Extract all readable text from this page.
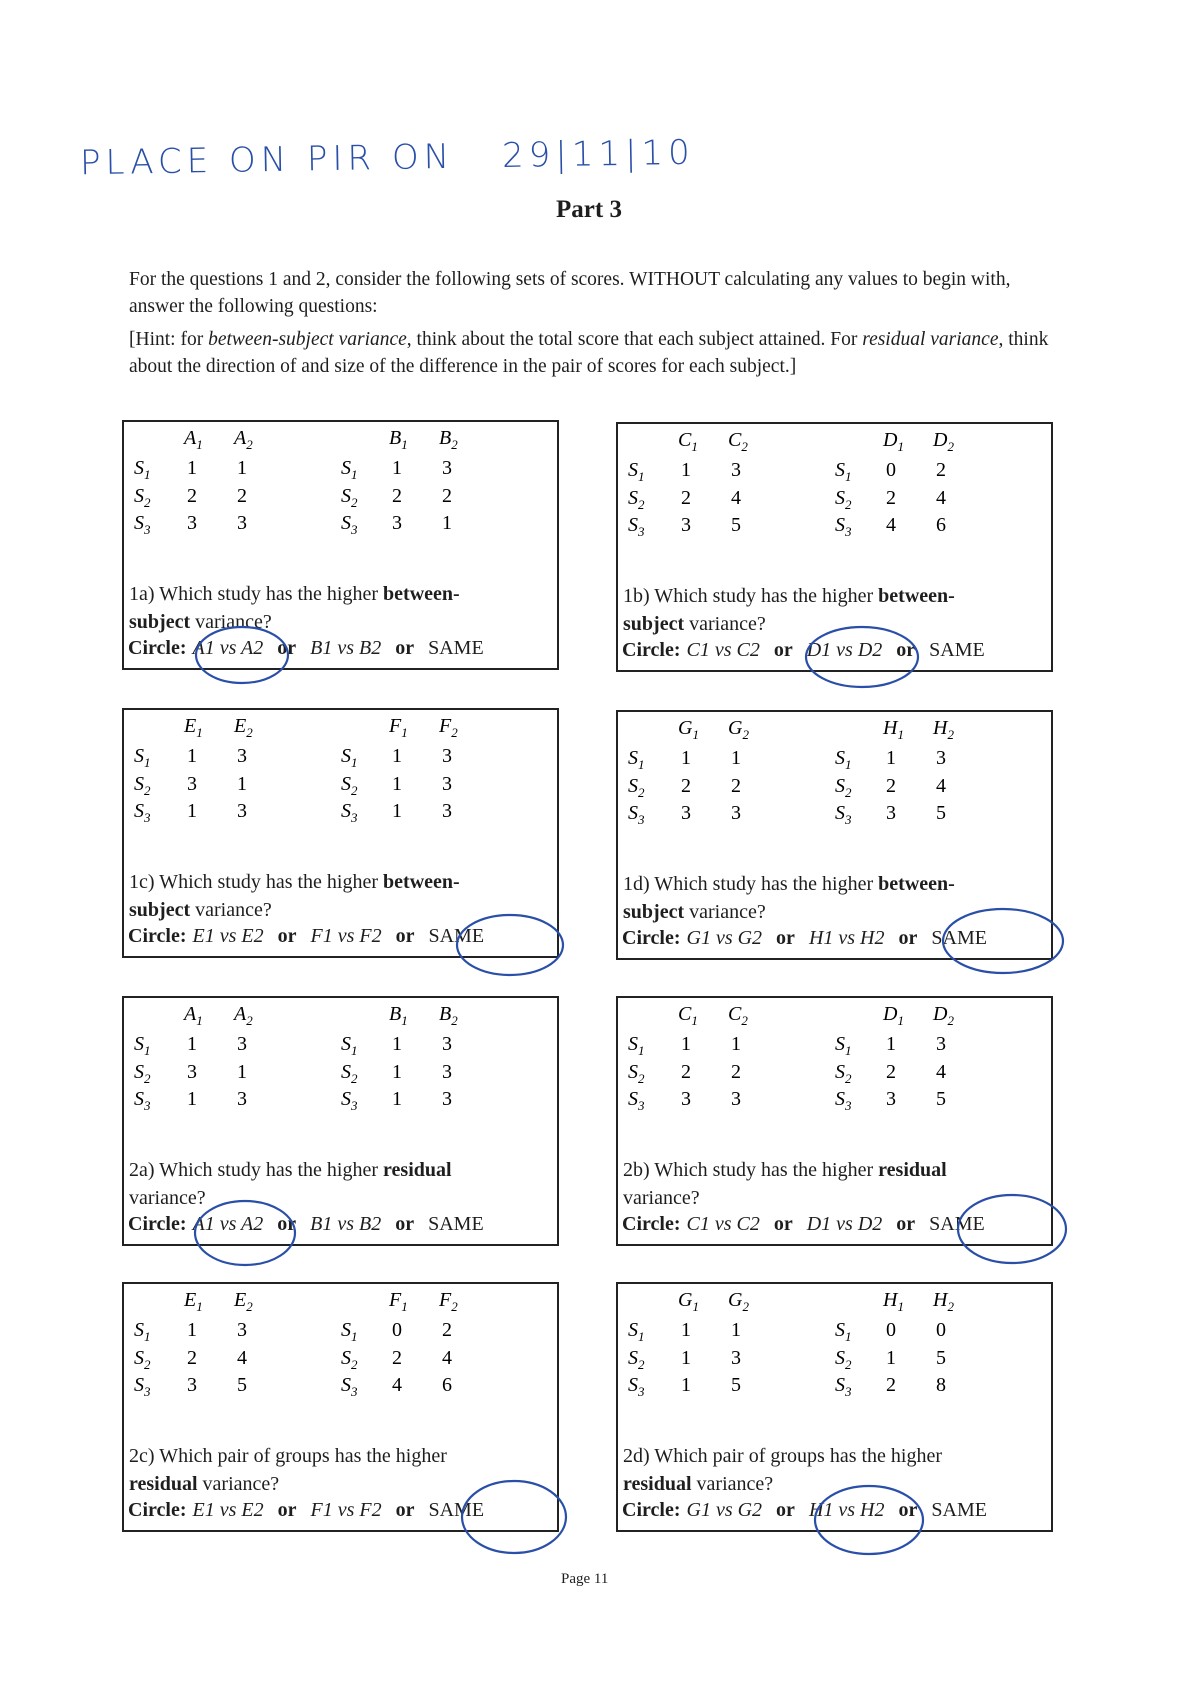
PLACE ON PIR ON 29|11|10
Part 3

For the questions 1 and 2, consider the following sets of scores. WITHOUT calculating any values to begin with, answer the following questions:

[Hint: for between-subject variance, think about the total score that each subject attained. For residual variance, think about the direction of and size of the difference in the pair of scores for each subject.]

$A_1$ $A_2$
$S_1$ 1 1
$S_2$ 2 2
$S_3$ 3 3
$B_1$ $B_2$
$S_1$ 1 3
$S_2$ 2 2
$S_3$ 3 1
1a) Which study has the higher between-
subject variance?
Circle: A1 vs A2 or B1 vs B2 or SAME
$C_1$ $C_2$
$S_1$ 1 3
$S_2$ 2 4
$S_3$ 3 5
$D_1$ $D_2$
$S_1$ 0 2
$S_2$ 2 4
$S_3$ 4 6
1b) Which study has the higher between-
subject variance?
Circle: C1 vs C2 or D1 vs D2 or SAME
$E_1$ $E_2$
$S_1$ 1 3
$S_2$ 3 1
$S_3$ 1 3
$F_1$ $F_2$
$S_1$ 1 3
$S_2$ 1 3
$S_3$ 1 3
1c) Which study has the higher between-
subject variance?
Circle: E1 vs E2 or F1 vs F2 or SAME
$G_1$ $G_2$
$S_1$ 1 1
$S_2$ 2 2
$S_3$ 3 3
$H_1$ $H_2$
$S_1$ 1 3
$S_2$ 2 4
$S_3$ 3 5
1d) Which study has the higher between-
subject variance?
Circle: G1 vs G2 or H1 vs H2 or SAME
$A_1$ $A_2$
$S_1$ 1 3
$S_2$ 3 1
$S_3$ 1 3
$B_1$ $B_2$
$S_1$ 1 3
$S_2$ 1 3
$S_3$ 1 3
2a) Which study has the higher residual
variance?
Circle: A1 vs A2 or B1 vs B2 or SAME
$C_1$ $C_2$
$S_1$ 1 1
$S_2$ 2 2
$S_3$ 3 3
$D_1$ $D_2$
$S_1$ 1 3
$S_2$ 2 4
$S_3$ 3 5
2b) Which study has the higher residual
variance?
Circle: C1 vs C2 or D1 vs D2 or SAME
$E_1$ $E_2$
$S_1$ 1 3
$S_2$ 2 4
$S_3$ 3 5
$F_1$ $F_2$
$S_1$ 0 2
$S_2$ 2 4
$S_3$ 4 6
2c) Which pair of groups has the higher
residual variance?
Circle: E1 vs E2 or F1 vs F2 or SAME
$G_1$ $G_2$
$S_1$ 1 1
$S_2$ 1 3
$S_3$ 1 5
$H_1$ $H_2$
$S_1$ 0 0
$S_2$ 1 5
$S_3$ 2 8
2d) Which pair of groups has the higher
residual variance?
Circle: G1 vs G2 or H1 vs H2 or SAME
Page 11
